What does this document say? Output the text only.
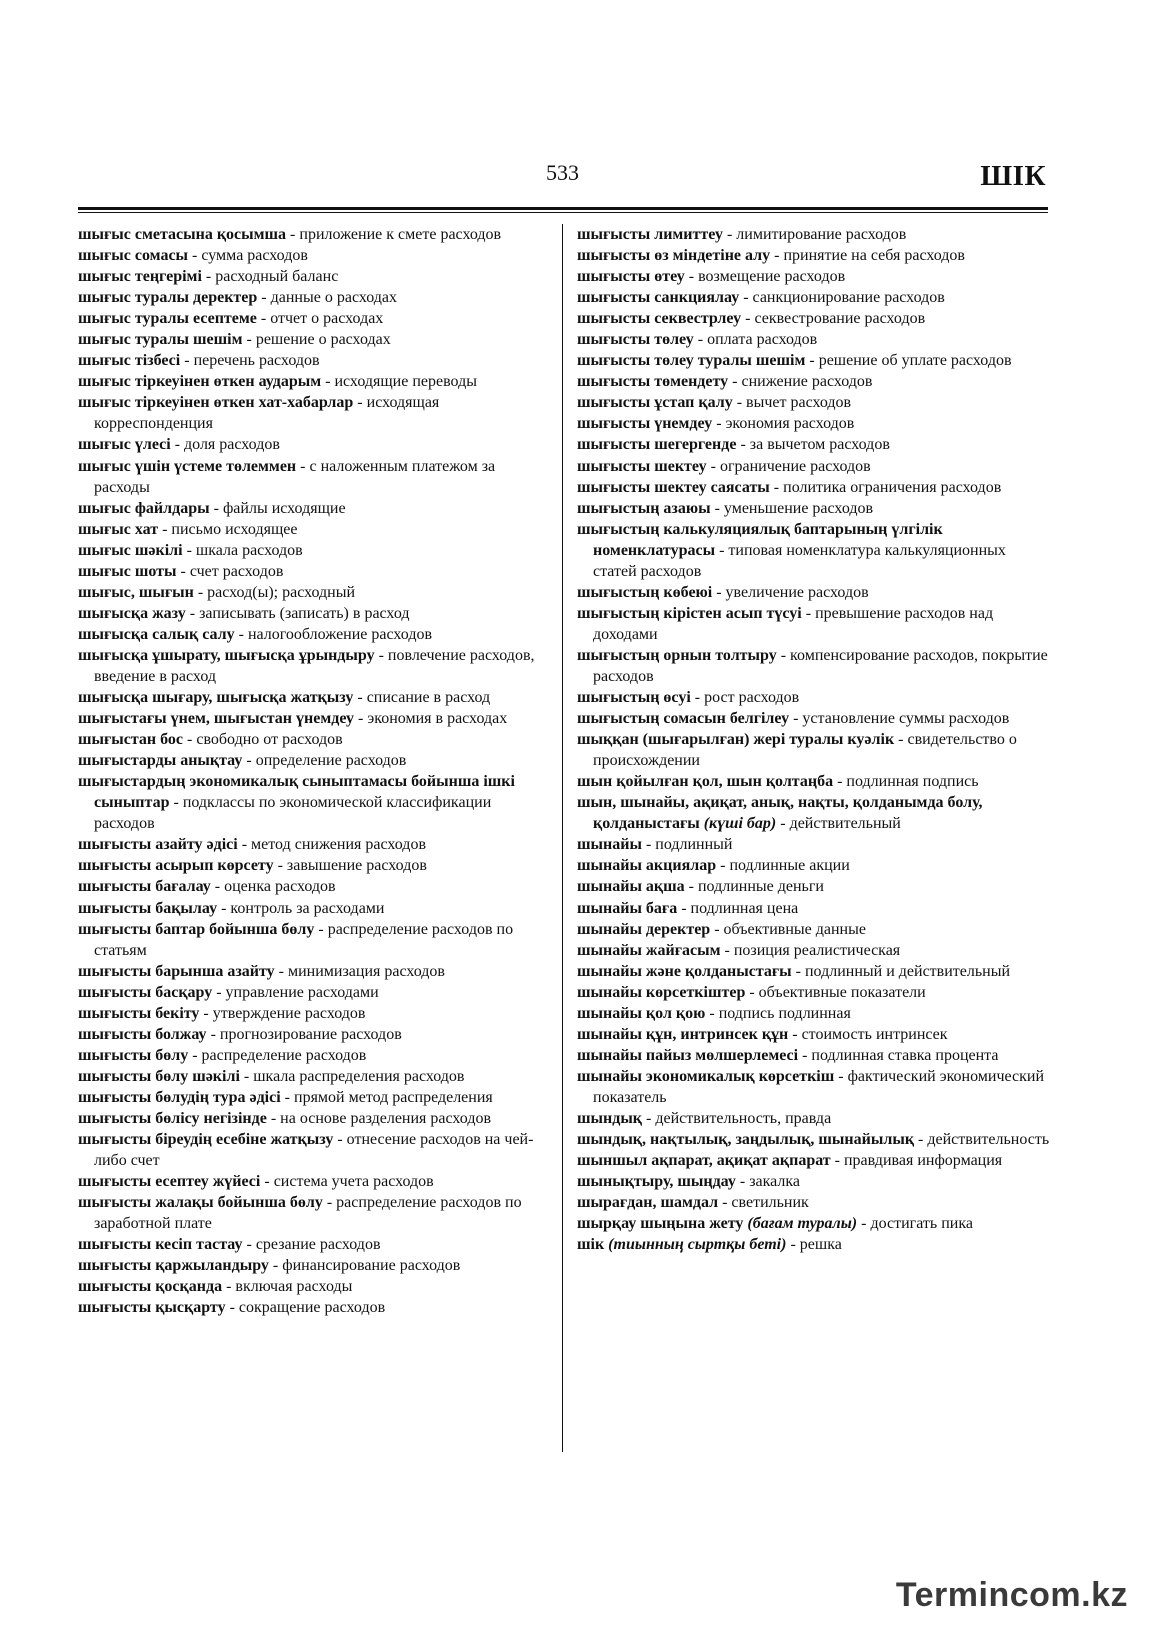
533	ШІК

шығыс сметасына қосымша - приложение к смете расходов

шығыс сомасы - сумма расходов

шығыс теңгерімі - расходный баланс

шығыс туралы деректер - данные о расходах

шығыс туралы есептеме - отчет о расходах

шығыс туралы шешім - решение о расходах

шығыс тізбесі - перечень расходов

шығыс тіркеуінен өткен аударым - исходящие переводы

шығыс тіркеуінен өткен хат-хабарлар - исходящая корреспонденция

шығыс үлесі - доля расходов

шығыс үшін үстеме төлеммен - с наложенным платежом за расходы

шығыс файлдары - файлы исходящие

шығыс хат - письмо исходящее

шығыс шәкілі - шкала расходов

шығыс шоты - счет расходов

шығыс, шығын - расход(ы); расходный

шығысқа жазу - записывать (записать) в расход

шығысқа салық салу - налогообложение расходов

шығысқа ұшырату, шығысқа ұрындыру - повлечение расходов, введение в расход

шығысқа шығару, шығысқа жатқызу - списание в расход

шығыстағы үнем, шығыстан үнемдеу - экономия в расходах

шығыстан бос - свободно от расходов

шығыстарды анықтау - определение расходов

шығыстардың экономикалық сыныптамасы бойынша ішкі сыныптар - подклассы по экономической классификации расходов

шығысты азайту әдісі - метод снижения расходов

шығысты асырып көрсету - завышение расходов

шығысты бағалау - оценка расходов

шығысты бақылау - контроль за расходами

шығысты баптар бойынша бөлу - распределение расходов по статьям

шығысты барынша азайту - минимизация расходов

шығысты басқару - управление расходами

шығысты бекіту - утверждение расходов

шығысты болжау - прогнозирование расходов

шығысты бөлу - распределение расходов

шығысты бөлу шәкілі - шкала распределения расходов

шығысты бөлудің тура әдісі - прямой метод распределения

шығысты бөлісу негізінде - на основе разделения расходов

шығысты біреудің есебіне жатқызу - отнесение расходов на чей-либо счет

шығысты есептеу жүйесі - система учета расходов

шығысты жалақы бойынша бөлу - распределение расходов по заработной плате

шығысты кесіп тастау - срезание расходов

шығысты қаржыландыру - финансирование расходов

шығысты қосқанда - включая расходы

шығысты қысқарту - сокращение расходов

шығысты лимиттеу - лимитирование расходов

шығысты өз міндетіне алу - принятие на себя расходов

шығысты өтеу - возмещение расходов

шығысты санкциялау - санкционирование расходов

шығысты секвестрлеу - секвестрование расходов

шығысты төлеу - оплата расходов

шығысты төлеу туралы шешім - решение об уплате расходов

шығысты төмендету - снижение расходов

шығысты ұстап қалу - вычет расходов

шығысты үнемдеу - экономия расходов

шығысты шегергенде - за вычетом расходов

шығысты шектеу - ограничение расходов

шығысты шектеу саясаты - политика ограничения расходов

шығыстың азаюы - уменьшение расходов

шығыстың калькуляциялық баптарының үлгілік номенклатурасы - типовая номенклатура калькуляционных статей расходов

шығыстың көбеюі - увеличение расходов

шығыстың кірістен асып түсуі - превышение расходов над доходами

шығыстың орнын толтыру - компенсирование расходов, покрытие расходов

шығыстың өсуі - рост расходов

шығыстың сомасын белгілеу - установление суммы расходов

шыққан (шығарылған) жері туралы куәлік - свидетельство о происхождении

шын қойылған қол, шын қолтаңба - подлинная подпись

шын, шынайы, ақиқат, анық, нақты, қолданымда болу, қолданыстағы (күші бар) - действительный

шынайы - подлинный

шынайы акциялар - подлинные акции

шынайы ақша - подлинные деньги

шынайы баға - подлинная цена

шынайы деректер - объективные данные

шынайы жайғасым - позиция реалистическая

шынайы және қолданыстағы - подлинный и действительный

шынайы көрсеткіштер - объективные показатели

шынайы қол қою - подпись подлинная

шынайы құн, интринсек құн - стоимость интринсек

шынайы пайыз мөлшерлемесі - подлинная ставка процента

шынайы экономикалық көрсеткіш - фактический экономический показатель

шындық - действительность, правда

шындық, нақтылық, заңдылық, шынайылық - действительность

шыншыл ақпарат, ақиқат ақпарат - правдивая информация

шынықтыру, шыңдау - закалка

шырағдан, шамдал - светильник

шырқау шыңына жету (бағам туралы) - достигать пика

шік (тиынның сыртқы беті) - решка

Termincоm.kz
